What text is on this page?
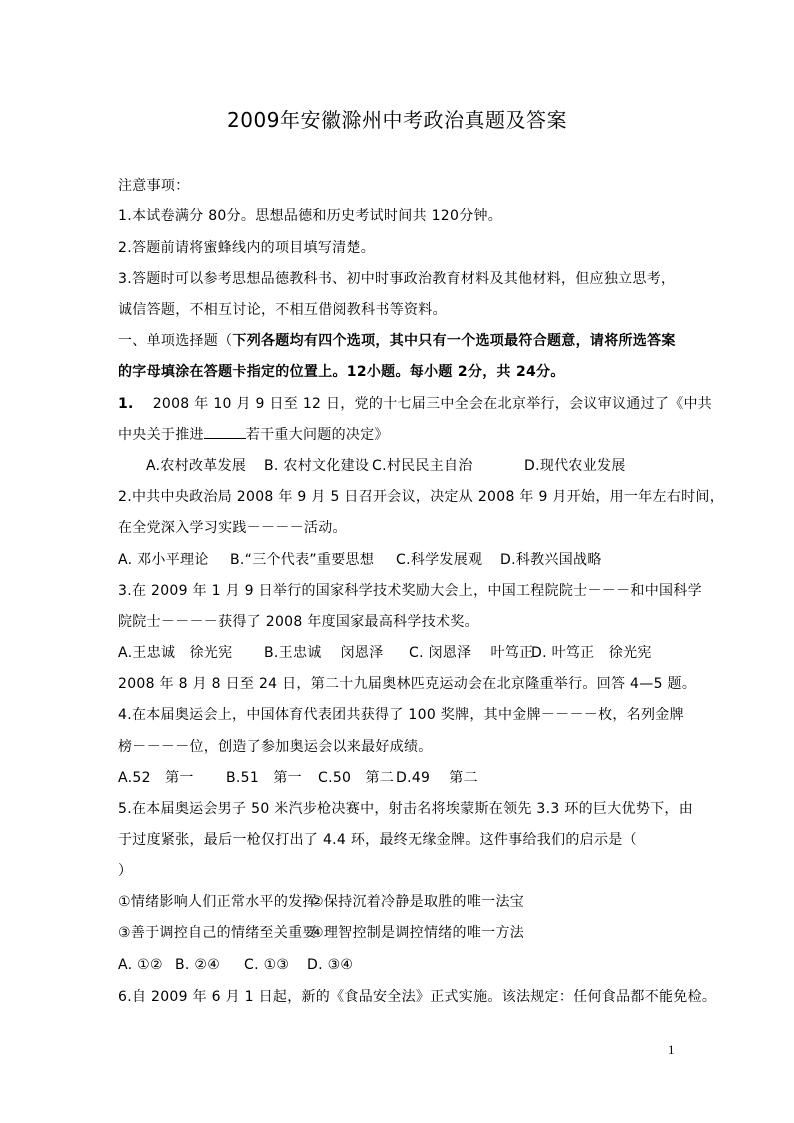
2009年安徽滁州中考政治真题及答案
注意事项：
1.本试卷满分 80分。思想品德和历史考试时间共 120分钟。
2.答题前请将蜜蜂线内的项目填写清楚。
3.答题时可以参考思想品德教科书、初中时事政治教育材料及其他材料，但应独立思考，
诚信答题，不相互讨论，不相互借阅教科书等资料。
一、单项选择题（下列各题均有四个选项，其中只有一个选项最符合题意，请将所选答案
的字母填涂在答题卡指定的位置上。12小题。每小题 2分，共 24分。
1. 2008 年 10 月 9 日至 12 日，党的十七届三中全会在北京举行，会议审议通过了《中共
中央关于推进	若干重大问题的决定》
A.农村改革发展 B. 农村文化建设 C.村民民主自治	D.现代农业发展
2.中共中央政治局 2008 年 9 月 5 日召开会议，决定从 2008 年 9 月开始，用一年左右时间，
在全党深入学习实践－－－－活动。
A. 邓小平理论 B.“三个代表”重要思想 C.科学发展观 D.科教兴国战略
3.在 2009 年 1 月 9 日举行的国家科学技术奖励大会上，中国工程院院士－－－和中国科学
院院士－－－－获得了 2008 年度国家最高科学技术奖。
A.王忠诚　徐光宪 B.王忠诚　 闵恩泽 C. 闵恩泽　 叶笃正D. 叶笃正　徐光宪
2008 年 8 月 8 日至 24 日，第二十九届奥林匹克运动会在北京隆重举行。回答 4—5 题。
4.在本届奥运会上，中国体育代表团共获得了 100 奖牌，其中金牌－－－－枚，名列金牌
榜－－－－位，创造了参加奥运会以来最好成绩。
A.52　第一 B.51　第一 C.50　第二 D.49　 第二
5.在本届奥运会男子 50 米汽步枪决赛中，射击名将埃蒙斯在领先 3.3 环的巨大优势下，由
于过度紧张，最后一枪仅打出了 4.4 环，最终无缘金牌。这件事给我们的启示是（
）
①情绪影响人们正常水平的发挥②保持沉着冷静是取胜的唯一法宝
③善于调控自己的情绪至关重要④理智控制是调控情绪的唯一方法
A. ①② B. ②④ C. ①③ D. ③④
6.自 2009 年 6 月 1 日起，新的《食品安全法》正式实施。该法规定：任何食品都不能免检。
1
